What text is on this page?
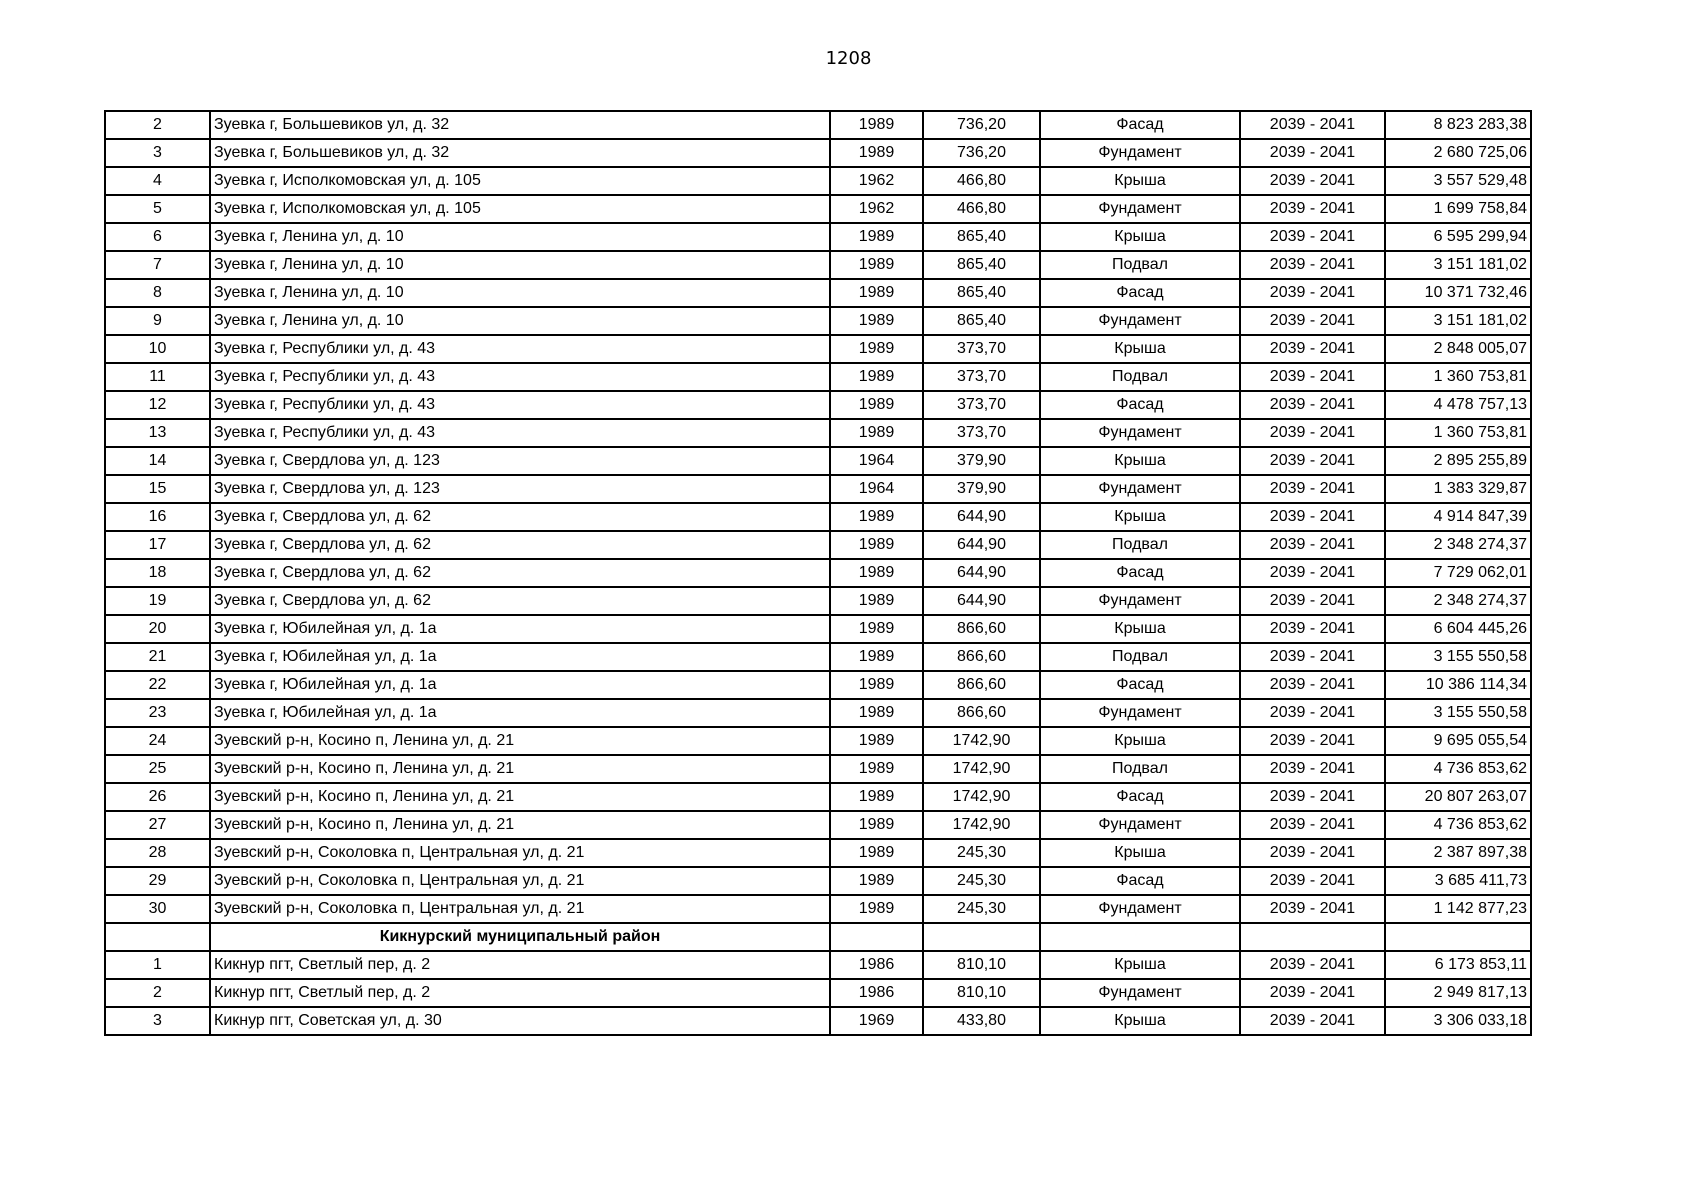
1208
2	Зуевка г, Большевиков ул, д. 32	1989	736,20	Фасад	2039 - 2041	8 823 283,38
3	Зуевка г, Большевиков ул, д. 32	1989	736,20	Фундамент	2039 - 2041	2 680 725,06
4	Зуевка г, Исполкомовская ул, д. 105	1962	466,80	Крыша	2039 - 2041	3 557 529,48
5	Зуевка г, Исполкомовская ул, д. 105	1962	466,80	Фундамент	2039 - 2041	1 699 758,84
6	Зуевка г, Ленина ул, д. 10	1989	865,40	Крыша	2039 - 2041	6 595 299,94
7	Зуевка г, Ленина ул, д. 10	1989	865,40	Подвал	2039 - 2041	3 151 181,02
8	Зуевка г, Ленина ул, д. 10	1989	865,40	Фасад	2039 - 2041	10 371 732,46
9	Зуевка г, Ленина ул, д. 10	1989	865,40	Фундамент	2039 - 2041	3 151 181,02
10	Зуевка г, Республики ул, д. 43	1989	373,70	Крыша	2039 - 2041	2 848 005,07
11	Зуевка г, Республики ул, д. 43	1989	373,70	Подвал	2039 - 2041	1 360 753,81
12	Зуевка г, Республики ул, д. 43	1989	373,70	Фасад	2039 - 2041	4 478 757,13
13	Зуевка г, Республики ул, д. 43	1989	373,70	Фундамент	2039 - 2041	1 360 753,81
14	Зуевка г, Свердлова ул, д. 123	1964	379,90	Крыша	2039 - 2041	2 895 255,89
15	Зуевка г, Свердлова ул, д. 123	1964	379,90	Фундамент	2039 - 2041	1 383 329,87
16	Зуевка г, Свердлова ул, д. 62	1989	644,90	Крыша	2039 - 2041	4 914 847,39
17	Зуевка г, Свердлова ул, д. 62	1989	644,90	Подвал	2039 - 2041	2 348 274,37
18	Зуевка г, Свердлова ул, д. 62	1989	644,90	Фасад	2039 - 2041	7 729 062,01
19	Зуевка г, Свердлова ул, д. 62	1989	644,90	Фундамент	2039 - 2041	2 348 274,37
20	Зуевка г, Юбилейная ул, д. 1а	1989	866,60	Крыша	2039 - 2041	6 604 445,26
21	Зуевка г, Юбилейная ул, д. 1а	1989	866,60	Подвал	2039 - 2041	3 155 550,58
22	Зуевка г, Юбилейная ул, д. 1а	1989	866,60	Фасад	2039 - 2041	10 386 114,34
23	Зуевка г, Юбилейная ул, д. 1а	1989	866,60	Фундамент	2039 - 2041	3 155 550,58
24	Зуевский р-н, Косино п, Ленина ул, д. 21	1989	1742,90	Крыша	2039 - 2041	9 695 055,54
25	Зуевский р-н, Косино п, Ленина ул, д. 21	1989	1742,90	Подвал	2039 - 2041	4 736 853,62
26	Зуевский р-н, Косино п, Ленина ул, д. 21	1989	1742,90	Фасад	2039 - 2041	20 807 263,07
27	Зуевский р-н, Косино п, Ленина ул, д. 21	1989	1742,90	Фундамент	2039 - 2041	4 736 853,62
28	Зуевский р-н, Соколовка п, Центральная ул, д. 21	1989	245,30	Крыша	2039 - 2041	2 387 897,38
29	Зуевский р-н, Соколовка п, Центральная ул, д. 21	1989	245,30	Фасад	2039 - 2041	3 685 411,73
30	Зуевский р-н, Соколовка п, Центральная ул, д. 21	1989	245,30	Фундамент	2039 - 2041	1 142 877,23
	Кикнурский муниципальный район					
1	Кикнур пгт, Светлый пер, д. 2	1986	810,10	Крыша	2039 - 2041	6 173 853,11
2	Кикнур пгт, Светлый пер, д. 2	1986	810,10	Фундамент	2039 - 2041	2 949 817,13
3	Кикнур пгт, Советская ул, д. 30	1969	433,80	Крыша	2039 - 2041	3 306 033,18
